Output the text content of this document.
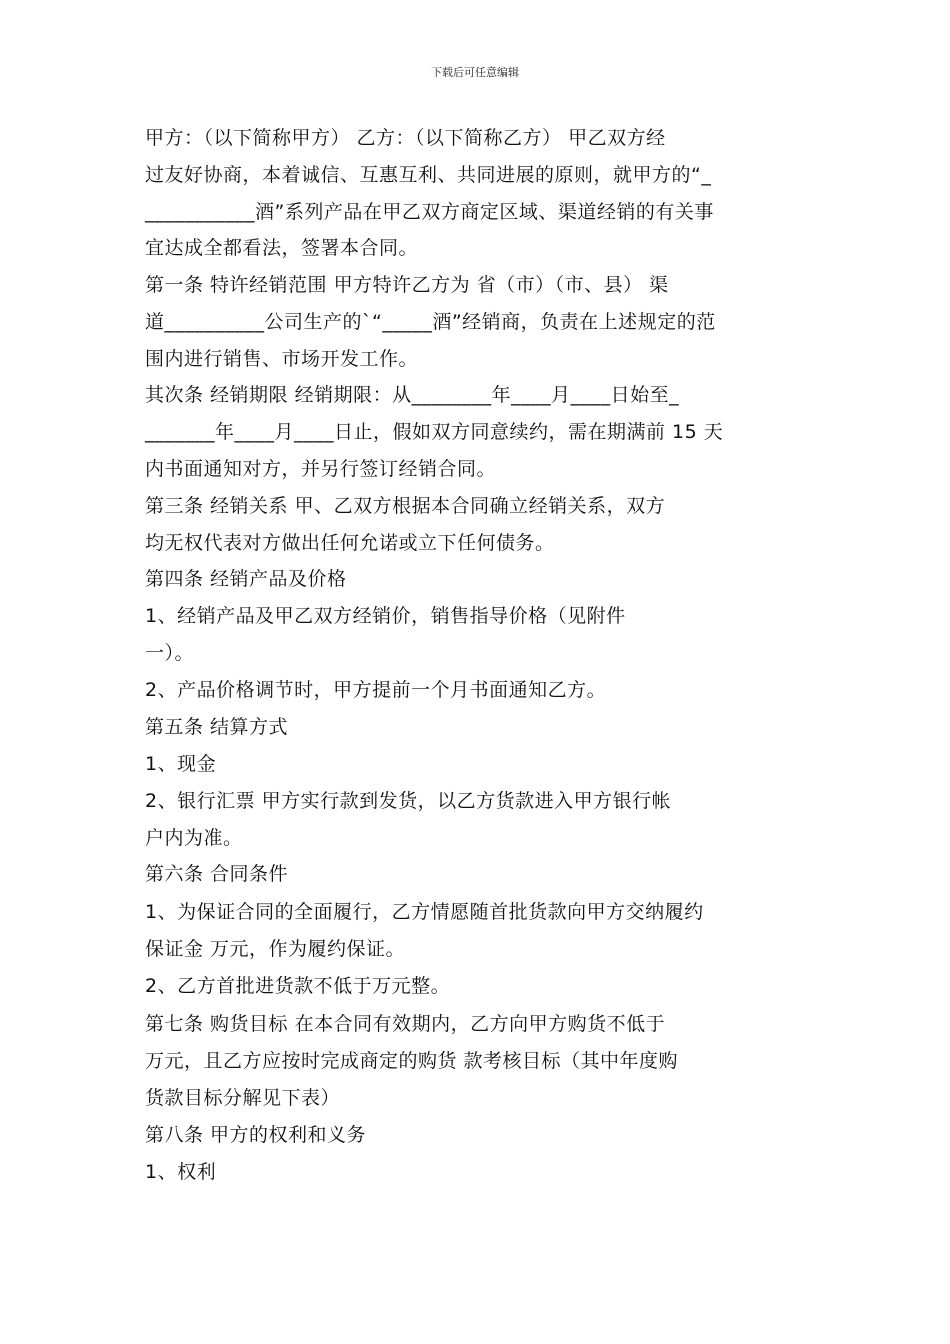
下载后可任意编辑
甲方：（以下简称甲方） 乙方：（以下简称乙方） 甲乙双方经
过友好协商，本着诚信、互惠互利、共同进展的原则，就甲方的“_
___________酒”系列产品在甲乙双方商定区域、渠道经销的有关事
宜达成全都看法，签署本合同。
第一条 特许经销范围 甲方特许乙方为 省（市）（市、县） 渠
道__________公司生产的`“_____酒”经销商，负责在上述规定的范
围内进行销售、市场开发工作。
其次条 经销期限 经销期限：从________年____月____日始至_
_______年____月____日止，假如双方同意续约，需在期满前 15 天
内书面通知对方，并另行签订经销合同。
第三条 经销关系 甲、乙双方根据本合同确立经销关系，双方
均无权代表对方做出任何允诺或立下任何债务。
第四条 经销产品及价格
1、经销产品及甲乙双方经销价，销售指导价格（见附件
一）。
2、产品价格调节时，甲方提前一个月书面通知乙方。
第五条 结算方式
1、现金
2、银行汇票 甲方实行款到发货，以乙方货款进入甲方银行帐
户内为准。
第六条 合同条件
1、为保证合同的全面履行，乙方情愿随首批货款向甲方交纳履约
保证金 万元，作为履约保证。
2、乙方首批进货款不低于万元整。
第七条 购货目标 在本合同有效期内，乙方向甲方购货不低于
万元，且乙方应按时完成商定的购货 款考核目标（其中年度购
货款目标分解见下表）
第八条 甲方的权利和义务
1、权利
